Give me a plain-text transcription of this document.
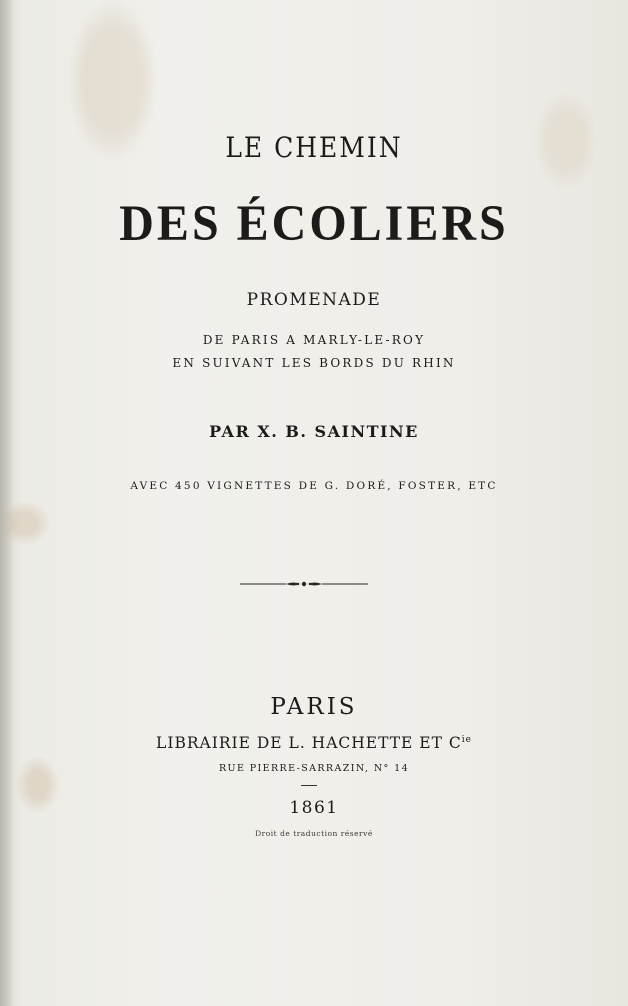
LE CHEMIN
DES ÉCOLIERS
PROMENADE
DE PARIS A MARLY-LE-ROY
EN SUIVANT LES BORDS DU RHIN
PAR X. B. SAINTINE
AVEC 450 VIGNETTES DE G. DORÉ, FOSTER, ETC
PARIS
LIBRAIRIE DE L. HACHETTE ET $C^{ie}$
RUE PIERRE-SARRAZIN, N° 14
1861
Droit de traduction réservé
